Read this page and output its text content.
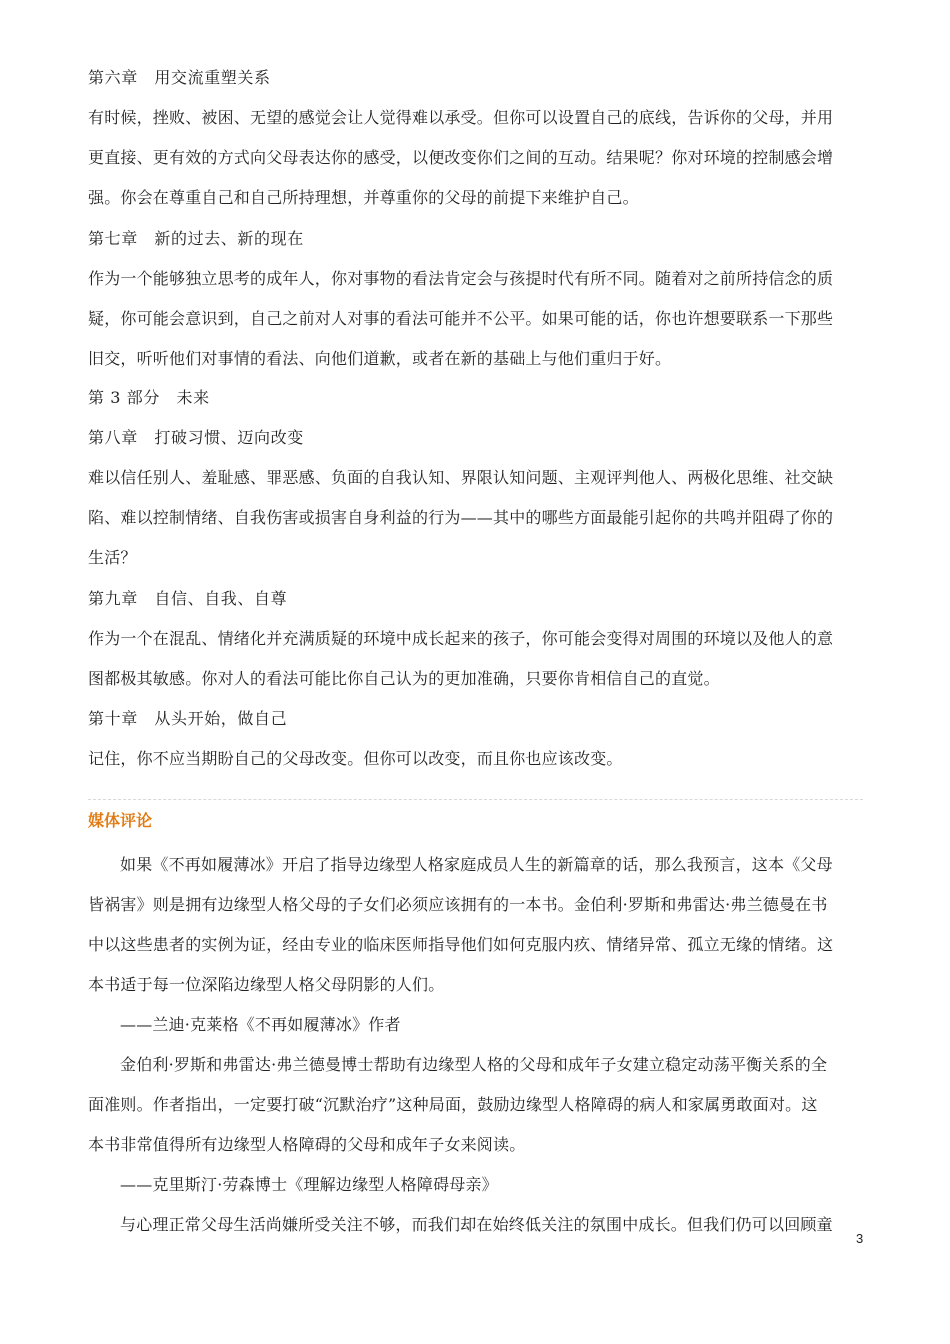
第六章　用交流重塑关系
有时候，挫败、被困、无望的感觉会让人觉得难以承受。但你可以设置自己的底线，告诉你的父母，并用
更直接、更有效的方式向父母表达你的感受，以便改变你们之间的互动。结果呢？你对环境的控制感会增
强。你会在尊重自己和自己所持理想，并尊重你的父母的前提下来维护自己。
第七章　新的过去、新的现在
作为一个能够独立思考的成年人，你对事物的看法肯定会与孩提时代有所不同。随着对之前所持信念的质
疑，你可能会意识到，自己之前对人对事的看法可能并不公平。如果可能的话，你也许想要联系一下那些
旧交，听听他们对事情的看法、向他们道歉，或者在新的基础上与他们重归于好。
第 3 部分　未来
第八章　打破习惯、迈向改变
难以信任别人、羞耻感、罪恶感、负面的自我认知、界限认知问题、主观评判他人、两极化思维、社交缺
陷、难以控制情绪、自我伤害或损害自身利益的行为——其中的哪些方面最能引起你的共鸣并阻碍了你的
生活？
第九章　自信、自我、自尊
作为一个在混乱、情绪化并充满质疑的环境中成长起来的孩子，你可能会变得对周围的环境以及他人的意
图都极其敏感。你对人的看法可能比你自己认为的更加准确，只要你肯相信自己的直觉。
第十章　从头开始，做自己
记住，你不应当期盼自己的父母改变。但你可以改变，而且你也应该改变。
媒体评论
如果《不再如履薄冰》开启了指导边缘型人格家庭成员人生的新篇章的话，那么我预言，这本《父母
皆祸害》则是拥有边缘型人格父母的子女们必须应该拥有的一本书。金伯利·罗斯和弗雷达·弗兰德曼在书
中以这些患者的实例为证，经由专业的临床医师指导他们如何克服内疚、情绪异常、孤立无缘的情绪。这
本书适于每一位深陷边缘型人格父母阴影的人们。
——兰迪·克莱格《不再如履薄冰》作者
金伯利·罗斯和弗雷达·弗兰德曼博士帮助有边缘型人格的父母和成年子女建立稳定动荡平衡关系的全
面准则。作者指出，一定要打破“沉默治疗”这种局面，鼓励边缘型人格障碍的病人和家属勇敢面对。这
本书非常值得所有边缘型人格障碍的父母和成年子女来阅读。
——克里斯汀·劳森博士《理解边缘型人格障碍母亲》
与心理正常父母生活尚嫌所受关注不够，而我们却在始终低关注的氛围中成长。但我们仍可以回顾童
3
